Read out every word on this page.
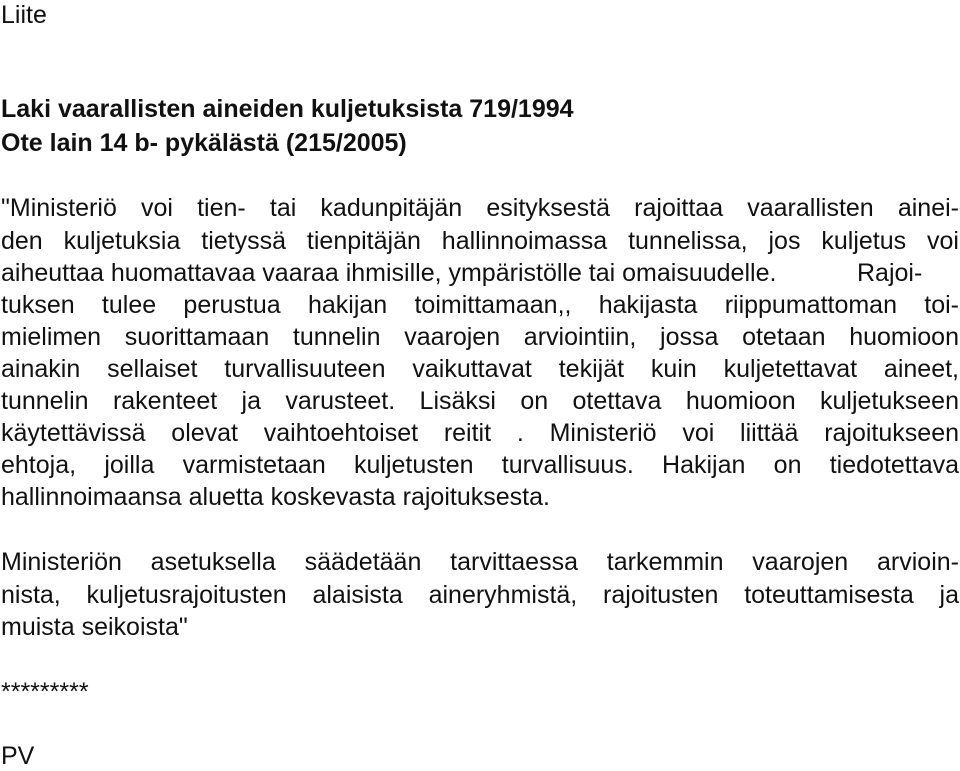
Liite
Laki vaarallisten aineiden kuljetuksista 719/1994
Ote lain 14 b- pykälästä (215/2005)
"Ministeriö voi tien- tai kadunpitäjän esityksestä rajoittaa vaarallisten ainei-
den kuljetuksia tietyssä tienpitäjän hallinnoimassa tunnelissa, jos kuljetus voi
aiheuttaa huomattavaa vaaraa ihmisille, ympäristölle tai omaisuudelle.	Rajoi-
tuksen tulee perustua hakijan toimittamaan,, hakijasta riippumattoman toi-
mielimen suorittamaan tunnelin vaarojen arviointiin, jossa otetaan huomioon
ainakin sellaiset turvallisuuteen vaikuttavat tekijät kuin kuljetettavat aineet,
tunnelin rakenteet ja varusteet. Lisäksi on otettava huomioon kuljetukseen
käytettävissä olevat vaihtoehtoiset reitit . Ministeriö voi liittää rajoitukseen
ehtoja, joilla varmistetaan kuljetusten turvallisuus. Hakijan on tiedotettava
hallinnoimaansa aluetta koskevasta rajoituksesta.
Ministeriön asetuksella säädetään tarvittaessa tarkemmin vaarojen arvioin-
nista, kuljetusrajoitusten alaisista aineryhmistä, rajoitusten toteuttamisesta ja
muista seikoista"
*********
PV
